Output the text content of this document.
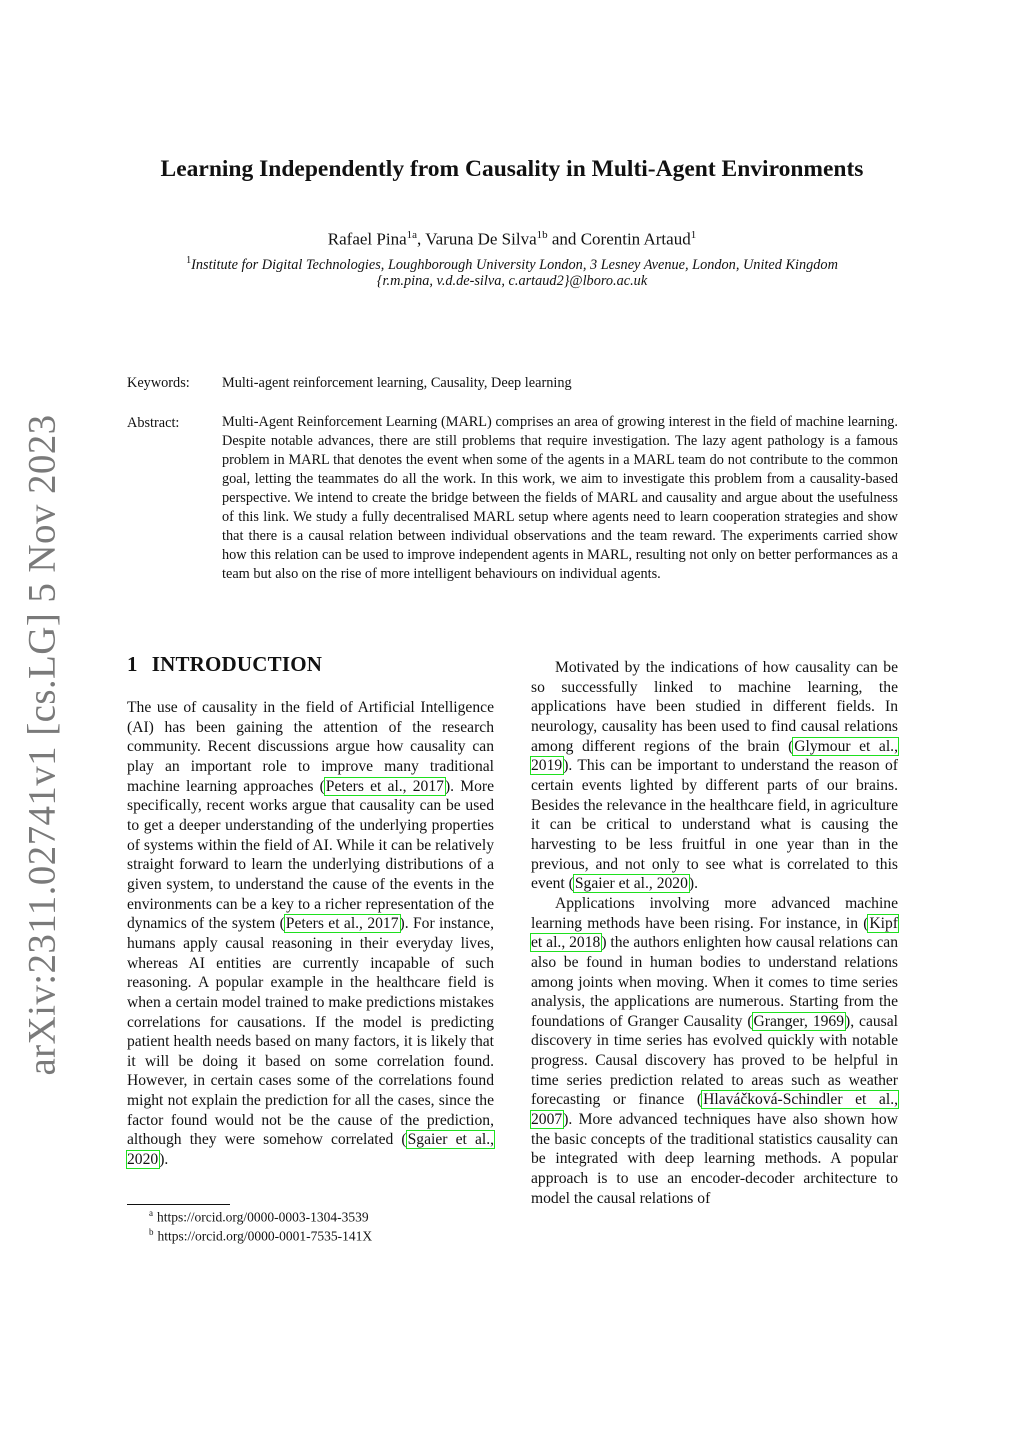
arXiv:2311.02741v1 [cs.LG] 5 Nov 2023
Learning Independently from Causality in Multi-Agent Environments
Rafael Pina$^{1a}$, Varuna De Silva$^{1b}$ and Corentin Artaud$^1$
$^1$Institute for Digital Technologies, Loughborough University London, 3 Lesney Avenue, London, United Kingdom
{r.m.pina, v.d.de-silva, c.artaud2}@lboro.ac.uk
Keywords: Multi-agent reinforcement learning, Causality, Deep learning
Abstract:	Multi-Agent Reinforcement Learning (MARL) comprises an area of growing interest in the field of machine learning. Despite notable advances, there are still problems that require investigation. The lazy agent pathology is a famous problem in MARL that denotes the event when some of the agents in a MARL team do not contribute to the common goal, letting the teammates do all the work. In this work, we aim to investigate this problem from a causality-based perspective. We intend to create the bridge between the fields of MARL and causality and argue about the usefulness of this link. We study a fully decentralised MARL setup where agents need to learn cooperation strategies and show that there is a causal relation between individual observations and the team reward. The experiments carried show how this relation can be used to improve independent agents in MARL, resulting not only on better performances as a team but also on the rise of more intelligent behaviours on individual agents.
1 INTRODUCTION

The use of causality in the field of Artificial Intelligence (AI) has been gaining the attention of the research community. Recent discussions argue how causality can play an important role to improve many traditional machine learning approaches (Peters et al., 2017). More specifically, recent works argue that causality can be used to get a deeper understanding of the underlying properties of systems within the field of AI. While it can be relatively straight forward to learn the underlying distributions of a given system, to understand the cause of the events in the environments can be a key to a richer representation of the dynamics of the system (Peters et al., 2017). For instance, humans apply causal reasoning in their everyday lives, whereas AI entities are currently incapable of such reasoning. A popular example in the healthcare field is when a certain model trained to make predictions mistakes correlations for causations. If the model is predicting patient health needs based on many factors, it is likely that it will be doing it based on some correlation found. However, in certain cases some of the correlations found might not explain the prediction for all the cases, since the factor found would not be the cause of the prediction, although they were somehow correlated (Sgaier et al., 2020).

Motivated by the indications of how causality can be so successfully linked to machine learning, the applications have been studied in different fields. In neurology, causality has been used to find causal relations among different regions of the brain (Glymour et al., 2019). This can be important to understand the reason of certain events lighted by different parts of our brains. Besides the relevance in the healthcare field, in agriculture it can be critical to understand what is causing the harvesting to be less fruitful in one year than in the previous, and not only to see what is correlated to this event (Sgaier et al., 2020).

Applications involving more advanced machine learning methods have been rising. For instance, in (Kipf et al., 2018) the authors enlighten how causal relations can also be found in human bodies to understand relations among joints when moving. When it comes to time series analysis, the applications are numerous. Starting from the foundations of Granger Causality (Granger, 1969), causal discovery in time series has evolved quickly with notable progress. Causal discovery has proved to be helpful in time series prediction related to areas such as weather forecasting or finance (Hlaváčková-Schindler et al., 2007). More advanced techniques have also shown how the basic concepts of the traditional statistics causality can be integrated with deep learning methods. A popular approach is to use an encoder-decoder architecture to model the causal relations of

$^a$ https://orcid.org/0000-0003-1304-3539
$^b$ https://orcid.org/0000-0001-7535-141X
